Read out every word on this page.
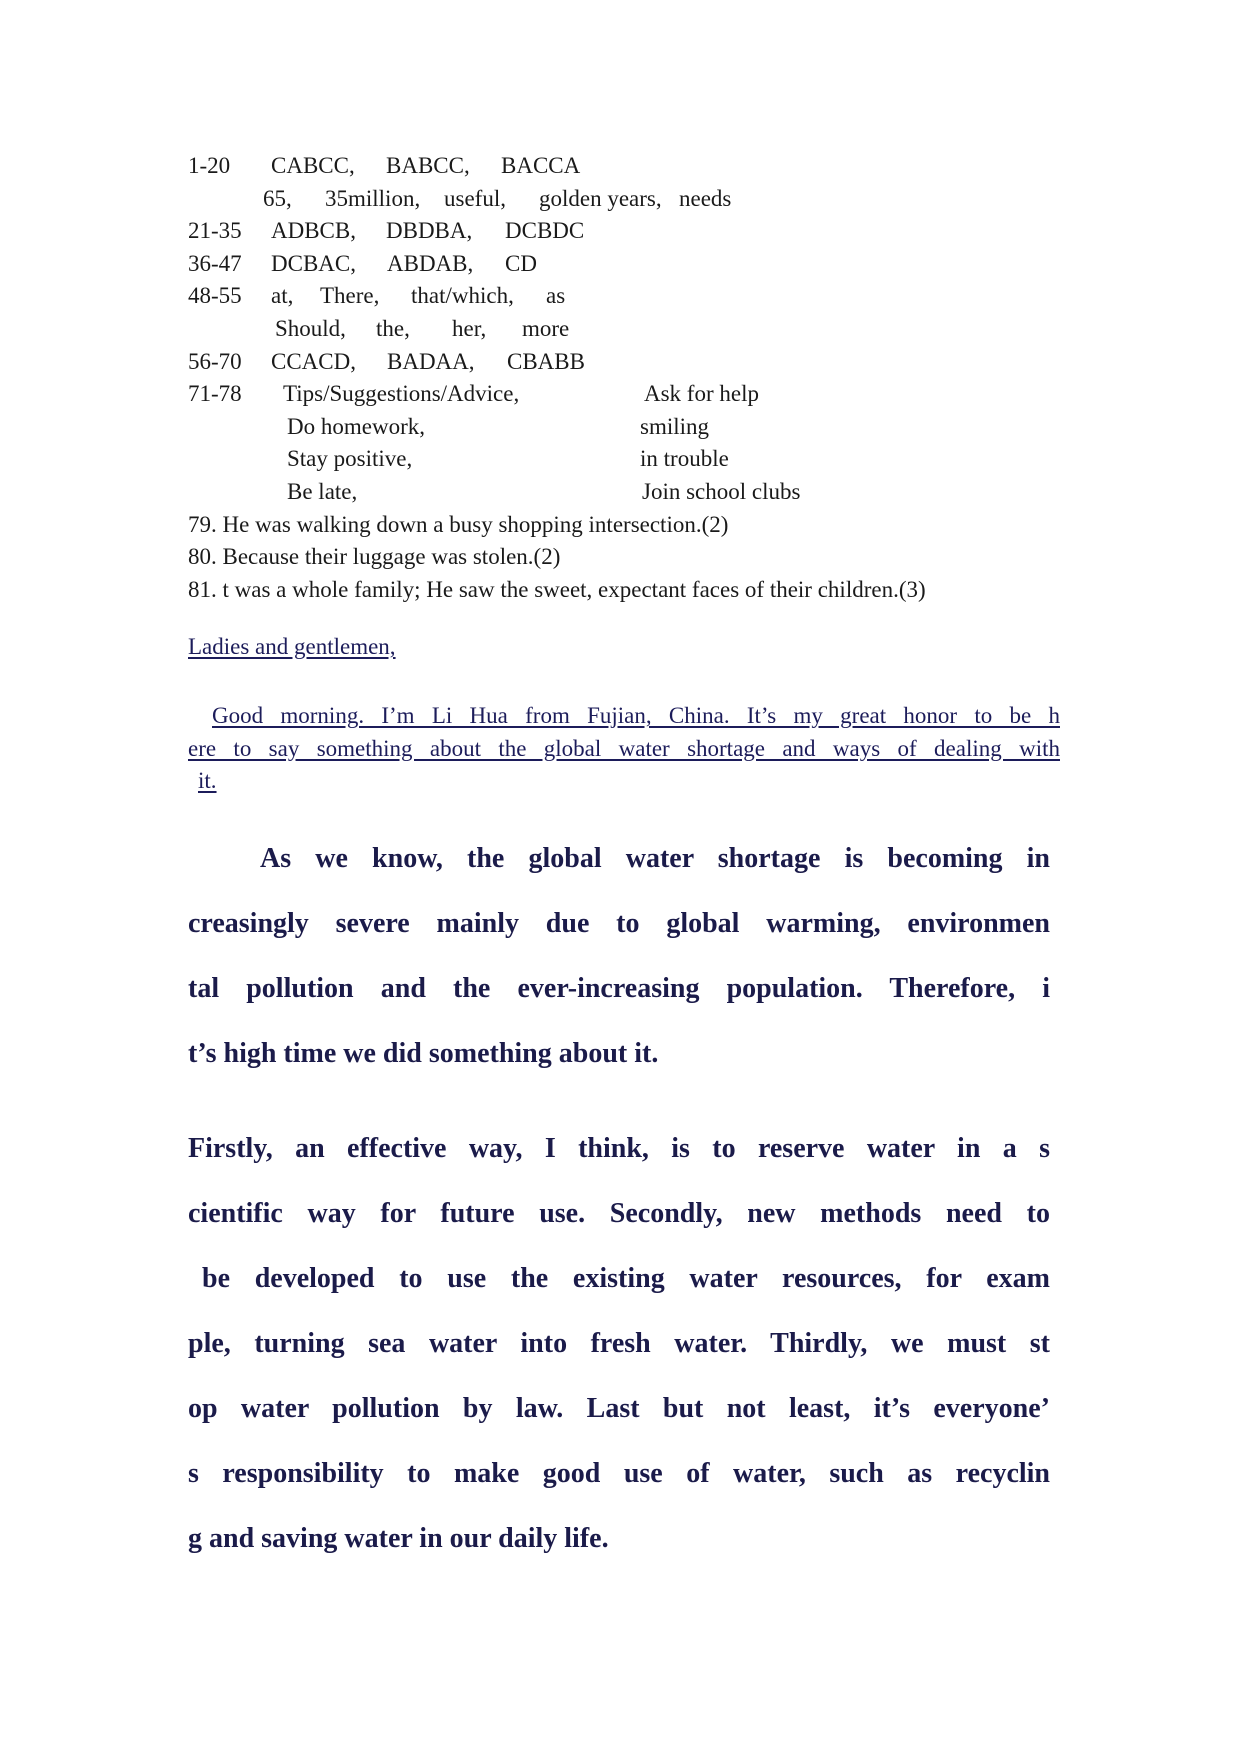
1-20 CABCC, BABCC, BACCA
65, 35million, useful, golden years, needs
21-35 ADBCB, DBDBA, DCBDC
36-47 DCBAC, ABDAB, CD
48-55 at, There, that/which, as
Should, the, her, more
56-70 CCACD, BADAA, CBABB
71-78 Tips/Suggestions/Advice,	Ask for help
Do homework,	smiling
Stay positive,	in trouble
Be late,	Join school clubs
79. He was walking down a busy shopping intersection.(2)
80. Because their luggage was stolen.(2)
81. t was a whole family; He saw the sweet, expectant faces of their children.(3)
Ladies and gentlemen,
Good morning. I’m Li Hua from Fujian, China. It’s my great honor to be h
ere to say something about the global water shortage and ways of dealing with
it.
As we know, the global water shortage is becoming in
creasingly severe mainly due to global warming, environmen
tal pollution and the ever-increasing population. Therefore, i
t’s high time we did something about it.
Firstly, an effective way, I think, is to reserve water in a s
cientific way for future use. Secondly, new methods need to
be developed to use the existing water resources, for exam
ple, turning sea water into fresh water. Thirdly, we must st
op water pollution by law. Last but not least, it’s everyone’
s responsibility to make good use of water, such as recyclin
g and saving water in our daily life.
